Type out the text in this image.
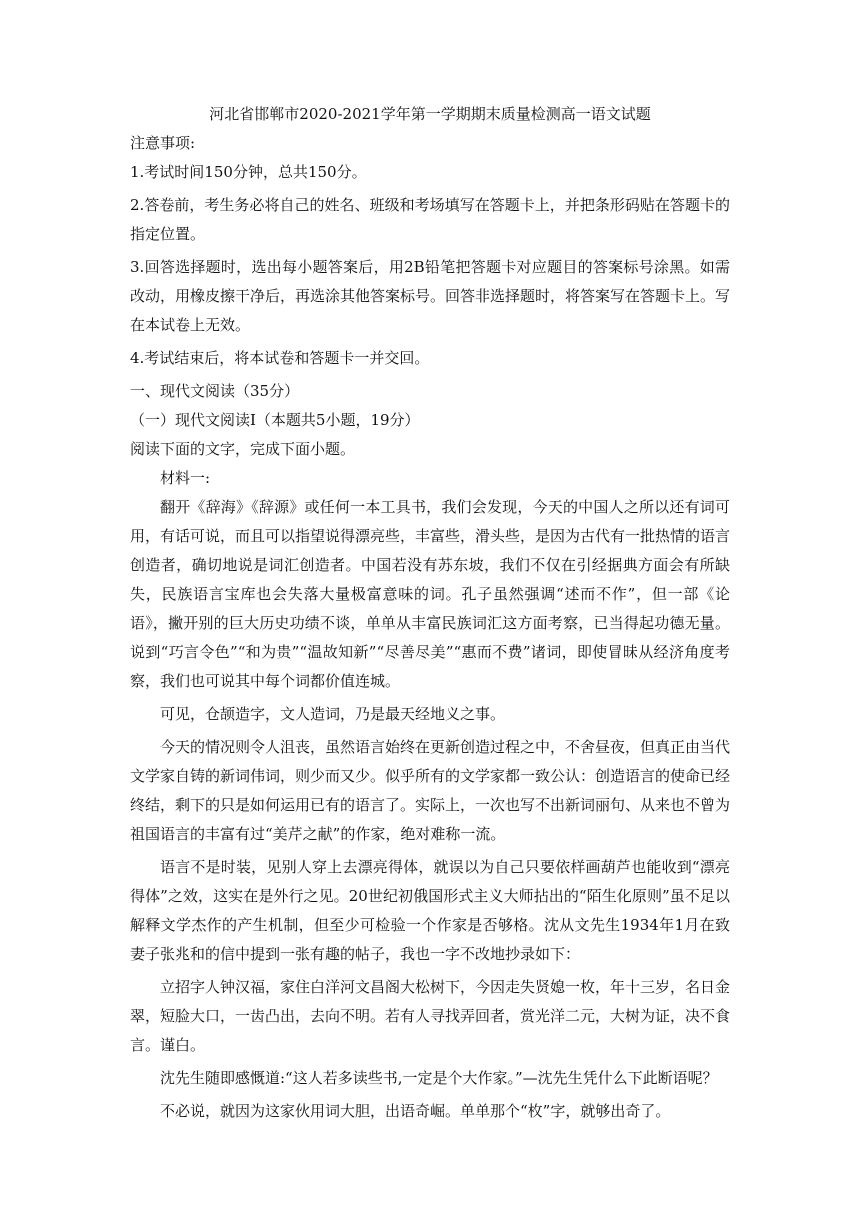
河北省邯郸市2020-2021学年第一学期期末质量检测高一语文试题

注意事项:

1.考试时间150分钟，总共150分。

2.答卷前，考生务必将自己的姓名、班级和考场填写在答题卡上，并把条形码贴在答题卡的指定位置。

3.回答选择题时，选出每小题答案后，用2B铅笔把答题卡对应题目的答案标号涂黑。如需改动，用橡皮擦干净后，再选涂其他答案标号。回答非选择题时，将答案写在答题卡上。写在本试卷上无效。

4.考试结束后，将本试卷和答题卡一并交回。

一、现代文阅读（35分）

（一）现代文阅读Ⅰ（本题共5小题，19分）

阅读下面的文字，完成下面小题。

材料一:

翻开《辞海》《辞源》或任何一本工具书，我们会发现，今天的中国人之所以还有词可用，有话可说，而且可以指望说得漂亮些，丰富些，滑头些，是因为古代有一批热情的语言创造者，确切地说是词汇创造者。中国若没有苏东坡，我们不仅在引经据典方面会有所缺失，民族语言宝库也会失落大量极富意味的词。孔子虽然强调“述而不作”，但一部《论语》，撇开别的巨大历史功绩不谈，单单从丰富民族词汇这方面考察，已当得起功德无量。说到“巧言令色”“和为贵”“温故知新”“尽善尽美”“惠而不费”诸词，即使冒昧从经济角度考察，我们也可说其中每个词都价值连城。

可见，仓颉造字，文人造词，乃是最天经地义之事。

今天的情况则令人沮丧，虽然语言始终在更新创造过程之中，不舍昼夜，但真正由当代文学家自铸的新词伟词，则少而又少。似乎所有的文学家都一致公认：创造语言的使命已经终结，剩下的只是如何运用已有的语言了。实际上，一次也写不出新词丽句、从来也不曾为祖国语言的丰富有过“美芹之献”的作家，绝对难称一流。

语言不是时装，见别人穿上去漂亮得体，就误以为自己只要依样画葫芦也能收到“漂亮得体”之效，这实在是外行之见。20世纪初俄国形式主义大师拈出的“陌生化原则”虽不足以解释文学杰作的产生机制，但至少可检验一个作家是否够格。沈从文先生1934年1月在致妻子张兆和的信中提到一张有趣的帖子，我也一字不改地抄录如下：

立招字人钟汉福，家住白洋河文昌阁大松树下，今因走失贤媳一枚，年十三岁，名日金翠，短脸大口，一齿凸出，去向不明。若有人寻找弄回者，赏光洋二元，大树为证，决不食言。谨白。

沈先生随即感慨道:“这人若多读些书,一定是个大作家。”—沈先生凭什么下此断语呢？

不必说，就因为这家伙用词大胆，出语奇崛。单单那个“枚”字，就够出奇了。
